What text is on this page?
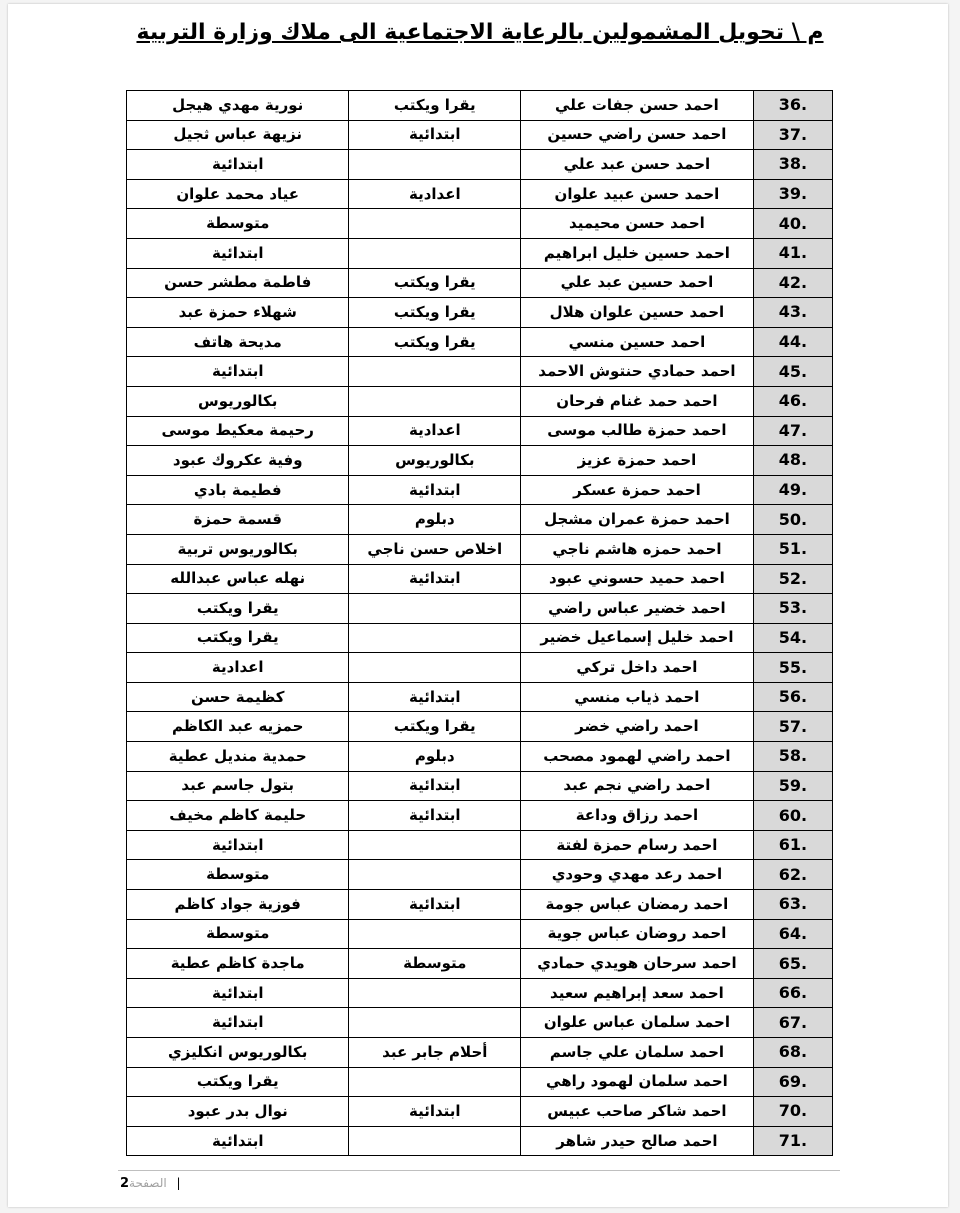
م \ تحويل المشمولين بالرعاية الاجتماعية الى ملاك وزارة التربية
نورية مهدي هيجل	يقرا ويكتب	احمد حسن جفات علي	36.
نزيهة عباس ثجيل	ابتدائية	احمد حسن راضي حسين	37.
ابتدائية		احمد حسن عبد علي	38.
عياد محمد علوان	اعدادية	احمد حسن عبيد علوان	39.
متوسطة		احمد حسن محيميد	40.
ابتدائية		احمد حسين خليل ابراهيم	41.
فاطمة مطشر حسن	يقرا ويكتب	احمد حسين عبد علي	42.
شهلاء حمزة عبد	يقرا ويكتب	احمد حسين علوان هلال	43.
مديحة هاتف	يقرا ويكتب	احمد حسين منسي	44.
ابتدائية		احمد حمادي حنتوش الاحمد	45.
بكالوريوس		احمد حمد غنام فرحان	46.
رحيمة معكيط موسى	اعدادية	احمد حمزة طالب موسى	47.
وفية عكروك عبود	بكالوريوس	احمد حمزة عزيز	48.
فطيمة بادي	ابتدائية	احمد حمزة عسكر	49.
قسمة حمزة	دبلوم	احمد حمزة عمران مشجل	50.
بكالوريوس تربية	اخلاص حسن ناجي	احمد حمزه هاشم ناجي	51.
نهله عباس عبدالله	ابتدائية	احمد حميد حسوني عبود	52.
يقرا ويكتب		احمد خضير عباس راضي	53.
يقرا ويكتب		احمد خليل إسماعيل خضير	54.
اعدادية		احمد داخل تركي	55.
كظيمة حسن	ابتدائية	احمد ذياب منسي	56.
حمزيه عبد الكاظم	يقرا ويكتب	احمد راضي خضر	57.
حمدية منديل عطية	دبلوم	احمد راضي لهمود مصحب	58.
بتول جاسم عبد	ابتدائية	احمد راضي نجم عبد	59.
حليمة كاظم مخيف	ابتدائية	احمد رزاق وداعة	60.
ابتدائية		احمد رسام حمزة لفتة	61.
متوسطة		احمد رعد مهدي وحودي	62.
فوزية جواد كاظم	ابتدائية	احمد رمضان عباس جومة	63.
متوسطة		احمد روضان عباس جوية	64.
ماجدة كاظم عطية	متوسطة	احمد سرحان هويدي حمادي	65.
ابتدائية		احمد سعد إبراهيم سعيد	66.
ابتدائية		احمد سلمان عباس علوان	67.
بكالوريوس انكليزي	أحلام جابر عبد	احمد سلمان علي جاسم	68.
يقرا ويكتب		احمد سلمان لهمود راهي	69.
نوال بدر عبود	ابتدائية	احمد شاكر صاحب عبيس	70.
ابتدائية		احمد صالح حيدر شاهر	71.
2الصفحة |
